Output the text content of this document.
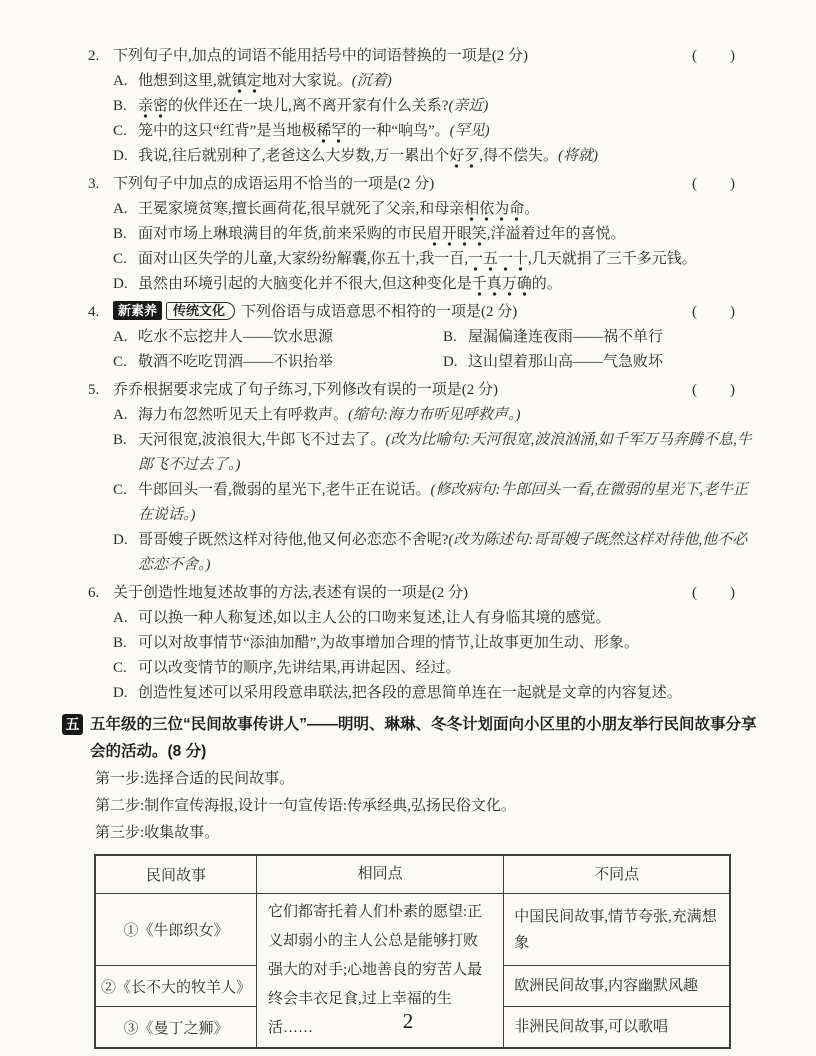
2. 下列句子中,加点的词语不能用括号中的词语替换的一项是(2 分)	(  )
A. 他想到这里,就镇定地对大家说。(沉着)
B. 亲密的伙伴还在一块儿,离不离开家有什么关系?(亲近)
C. 笼中的这只“红背”是当地极稀罕的一种“响鸟”。(罕见)
D. 我说,往后就别种了,老爸这么大岁数,万一累出个好歹,得不偿失。(将就)
3. 下列句子中加点的成语运用不恰当的一项是(2 分)	(  )
A. 王冕家境贫寒,擅长画荷花,很早就死了父亲,和母亲相依为命。
B. 面对市场上琳琅满目的年货,前来采购的市民眉开眼笑,洋溢着过年的喜悦。
C. 面对山区失学的儿童,大家纷纷解囊,你五十,我一百,一五一十,几天就捐了三千多元钱。
D. 虽然由环境引起的大脑变化并不很大,但这种变化是千真万确的。
4. 新素养 传统文化 下列俗语与成语意思不相符的一项是(2 分)	(  )
A. 吃水不忘挖井人——饮水思源	B. 屋漏偏逢连夜雨——祸不单行
C. 敬酒不吃吃罚酒——不识抬举	D. 这山望着那山高——气急败坏
5. 乔乔根据要求完成了句子练习,下列修改有误的一项是(2 分)	(  )
A. 海力布忽然听见天上有呼救声。(缩句:海力布听见呼救声。)
B. 天河很宽,波浪很大,牛郎飞不过去了。(改为比喻句:天河很宽,波浪汹涌,如千军万马奔腾不息,牛郎飞不过去了。)
C. 牛郎回头一看,微弱的星光下,老牛正在说话。(修改病句:牛郎回头一看,在微弱的星光下,老牛正在说话。)
D. 哥哥嫂子既然这样对待他,他又何必恋恋不舍呢?(改为陈述句:哥哥嫂子既然这样对待他,他不必恋恋不舍。)
6. 关于创造性地复述故事的方法,表述有误的一项是(2 分)	(  )
A. 可以换一种人称复述,如以主人公的口吻来复述,让人有身临其境的感觉。
B. 可以对故事情节“添油加醋”,为故事增加合理的情节,让故事更加生动、形象。
C. 可以改变情节的顺序,先讲结果,再讲起因、经过。
D. 创造性复述可以采用段意串联法,把各段的意思简单连在一起就是文章的内容复述。
五 五年级的三位“民间故事传讲人”——明明、琳琳、冬冬计划面向小区里的小朋友举行民间故事分享会的活动。(8 分)
第一步:选择合适的民间故事。
第二步:制作宣传海报,设计一句宣传语:传承经典,弘扬民俗文化。
第三步:收集故事。
民间故事	相同点	不同点
①《牛郎织女》	它们都寄托着人们朴素的愿望:正义却弱小的主人公总是能够打败强大的对手;心地善良的穷苦人最终会丰衣足食,过上幸福的生活……	中国民间故事,情节夸张,充满想象
②《长不大的牧羊人》		欧洲民间故事,内容幽默风趣
③《曼丁之狮》		非洲民间故事,可以歌唱
2
